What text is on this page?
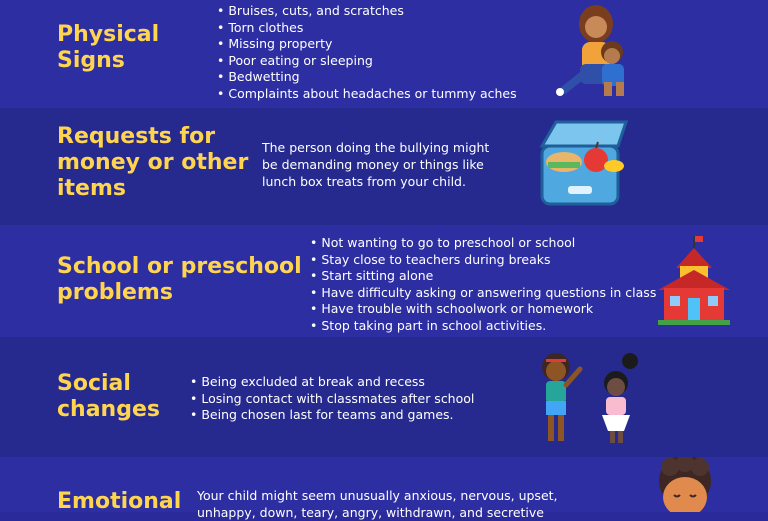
Physical Signs
• Bruises, cuts, and scratches
• Torn clothes
• Missing property
• Poor eating or sleeping
• Bedwetting
• Complaints about headaches or tummy aches
Requests for money or other items

The person doing the bullying might be demanding money or things like lunch box treats from your child.

School or preschool problems
• Not wanting to go to preschool or school
• Stay close to teachers during breaks
• Start sitting alone
• Have difficulty asking or answering questions in class
• Have trouble with schoolwork or homework
• Stop taking part in school activities.
Social changes
• Being excluded at break and recess
• Losing contact with classmates after school
• Being chosen last for teams and games.
Emotional	Your child might seem unusually anxious, nervous, upset, unhappy, down, teary, angry, withdrawn, and secretive
